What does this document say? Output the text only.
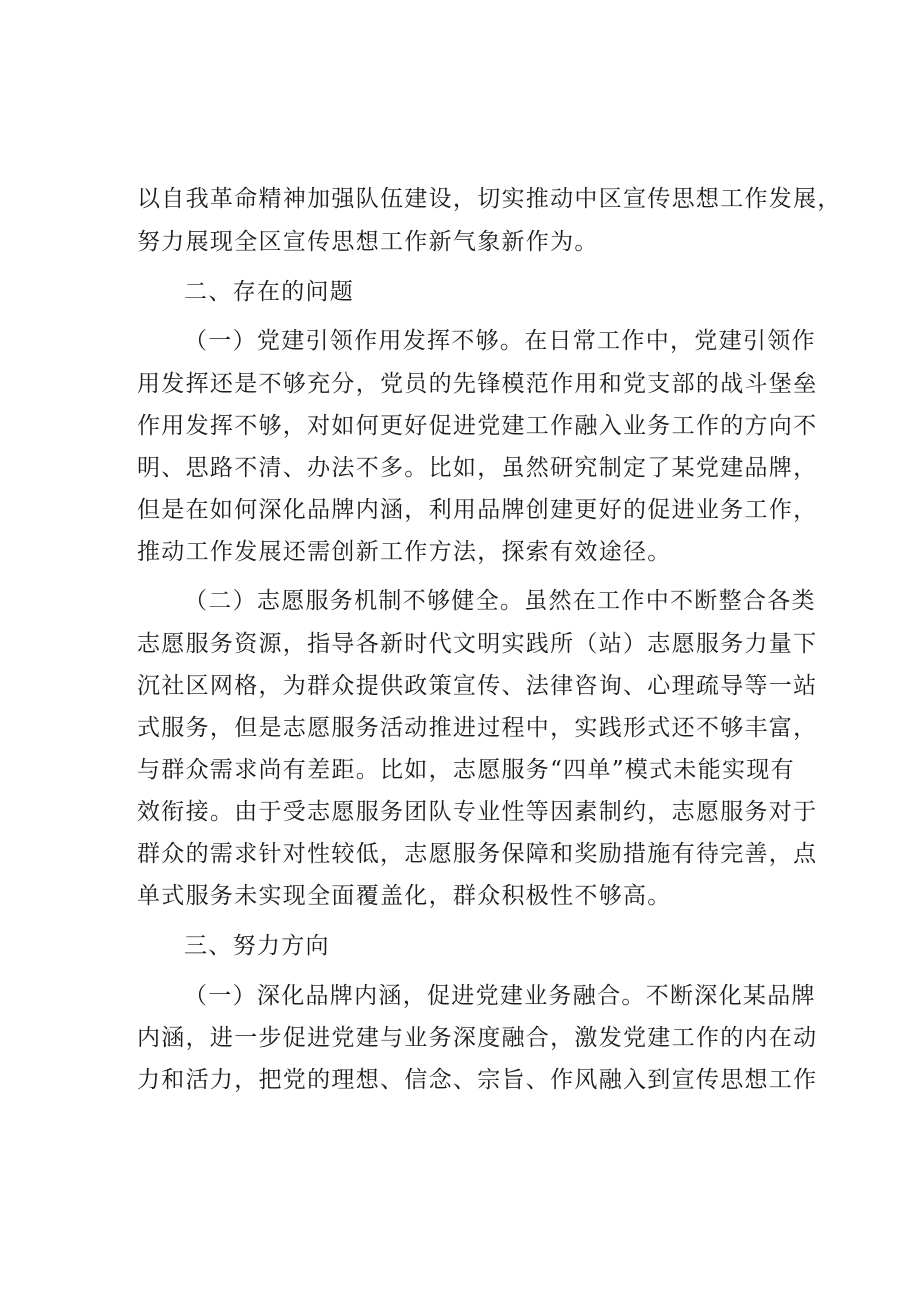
以自我革命精神加强队伍建设，切实推动中区宣传思想工作发展，
努力展现全区宣传思想工作新气象新作为。
二、存在的问题
（一）党建引领作用发挥不够。在日常工作中，党建引领作
用发挥还是不够充分，党员的先锋模范作用和党支部的战斗堡垒
作用发挥不够，对如何更好促进党建工作融入业务工作的方向不
明、思路不清、办法不多。比如，虽然研究制定了某党建品牌，
但是在如何深化品牌内涵，利用品牌创建更好的促进业务工作，
推动工作发展还需创新工作方法，探索有效途径。
（二）志愿服务机制不够健全。虽然在工作中不断整合各类
志愿服务资源，指导各新时代文明实践所（站）志愿服务力量下
沉社区网格，为群众提供政策宣传、法律咨询、心理疏导等一站
式服务，但是志愿服务活动推进过程中，实践形式还不够丰富，
与群众需求尚有差距。比如，志愿服务“四单”模式未能实现有
效衔接。由于受志愿服务团队专业性等因素制约，志愿服务对于
群众的需求针对性较低，志愿服务保障和奖励措施有待完善，点
单式服务未实现全面覆盖化，群众积极性不够高。
三、努力方向
（一）深化品牌内涵，促进党建业务融合。不断深化某品牌
内涵，进一步促进党建与业务深度融合，激发党建工作的内在动
力和活力，把党的理想、信念、宗旨、作风融入到宣传思想工作
